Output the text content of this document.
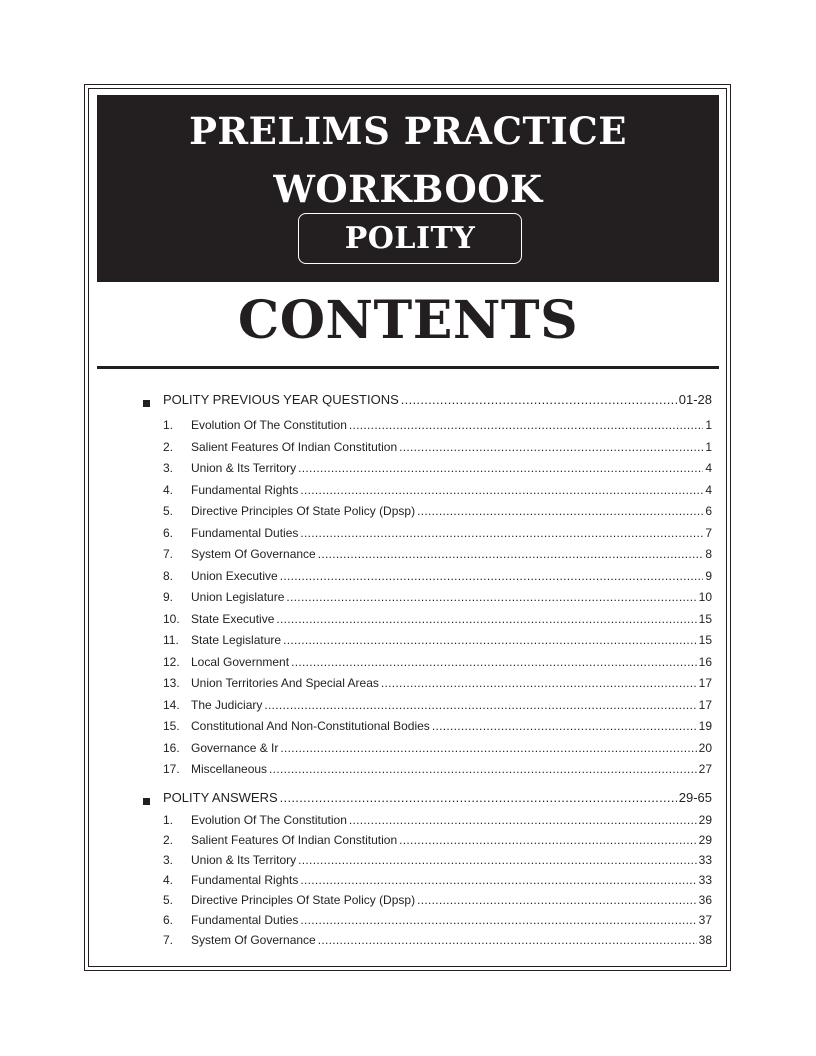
PRELIMS PRACTICE
WORKBOOK
POLITY
CONTENTS
POLITY PREVIOUS YEAR QUESTIONS .....	01-28
1. Evolution Of The Constitution .....	1
2. Salient Features Of Indian Constitution .....	1
3. Union & Its Territory .....	4
4. Fundamental Rights .....	4
5. Directive Principles Of State Policy (Dpsp) .....	6
6. Fundamental Duties .....	7
7. System Of Governance .....	8
8. Union Executive .....	9
9. Union Legislature .....	10
10. State Executive .....	15
11. State Legislature .....	15
12. Local Government .....	16
13. Union Territories And Special Areas .....	17
14. The Judiciary .....	17
15. Constitutional And Non-Constitutional Bodies .....	19
16. Governance & Ir .....	20
17. Miscellaneous .....	27
POLITY ANSWERS .....	29-65
1. Evolution Of The Constitution .....	29
2. Salient Features Of Indian Constitution .....	29
3. Union & Its Territory .....	33
4. Fundamental Rights .....	33
5. Directive Principles Of State Policy (Dpsp) .....	36
6. Fundamental Duties .....	37
7. System Of Governance .....	38
